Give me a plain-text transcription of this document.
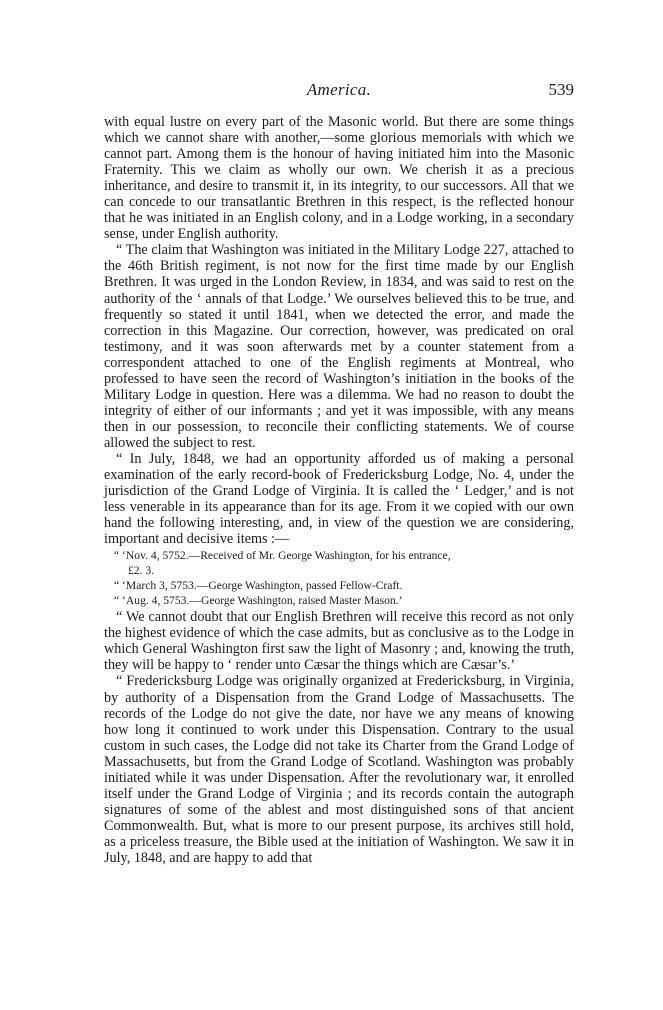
America.	539

with equal lustre on every part of the Masonic world. But there are some things which we cannot share with another,—some glorious memorials with which we cannot part. Among them is the honour of having initiated him into the Masonic Fraternity. This we claim as wholly our own. We cherish it as a precious inheritance, and desire to transmit it, in its integrity, to our successors. All that we can concede to our transatlantic Brethren in this respect, is the reflected honour that he was initiated in an English colony, and in a Lodge working, in a secondary sense, under English authority.

“ The claim that Washington was initiated in the Military Lodge 227, attached to the 46th British regiment, is not now for the first time made by our English Brethren. It was urged in the London Review, in 1834, and was said to rest on the authority of the ‘ annals of that Lodge.’ We ourselves believed this to be true, and frequently so stated it until 1841, when we detected the error, and made the correction in this Magazine. Our correction, however, was predicated on oral testimony, and it was soon afterwards met by a counter statement from a correspondent attached to one of the English regiments at Montreal, who professed to have seen the record of Washington’s initiation in the books of the Military Lodge in question. Here was a dilemma. We had no reason to doubt the integrity of either of our informants ; and yet it was impossible, with any means then in our possession, to reconcile their conflicting statements. We of course allowed the subject to rest.

“ In July, 1848, we had an opportunity afforded us of making a personal examination of the early record-book of Fredericksburg Lodge, No. 4, under the jurisdiction of the Grand Lodge of Virginia. It is called the ‘ Ledger,’ and is not less venerable in its appearance than for its age. From it we copied with our own hand the following interesting, and, in view of the question we are considering, important and decisive items :—

“ ‘Nov. 4, 5752.—Received of Mr. George Washington, for his entrance,
£2. 3.
“ ‘March 3, 5753.—George Washington, passed Fellow-Craft.
“ ‘Aug. 4, 5753.—George Washington, raised Master Mason.’

“ We cannot doubt that our English Brethren will receive this record as not only the highest evidence of which the case admits, but as conclusive as to the Lodge in which General Washington first saw the light of Masonry ; and, knowing the truth, they will be happy to ‘ render unto Cæsar the things which are Cæsar’s.’

“ Fredericksburg Lodge was originally organized at Fredericksburg, in Virginia, by authority of a Dispensation from the Grand Lodge of Massachusetts. The records of the Lodge do not give the date, nor have we any means of knowing how long it continued to work under this Dispensation. Contrary to the usual custom in such cases, the Lodge did not take its Charter from the Grand Lodge of Massachusetts, but from the Grand Lodge of Scotland. Washington was probably initiated while it was under Dispensation. After the revolutionary war, it enrolled itself under the Grand Lodge of Virginia ; and its records contain the autograph signatures of some of the ablest and most distinguished sons of that ancient Commonwealth. But, what is more to our present purpose, its archives still hold, as a priceless treasure, the Bible used at the initiation of Washington. We saw it in July, 1848, and are happy to add that
